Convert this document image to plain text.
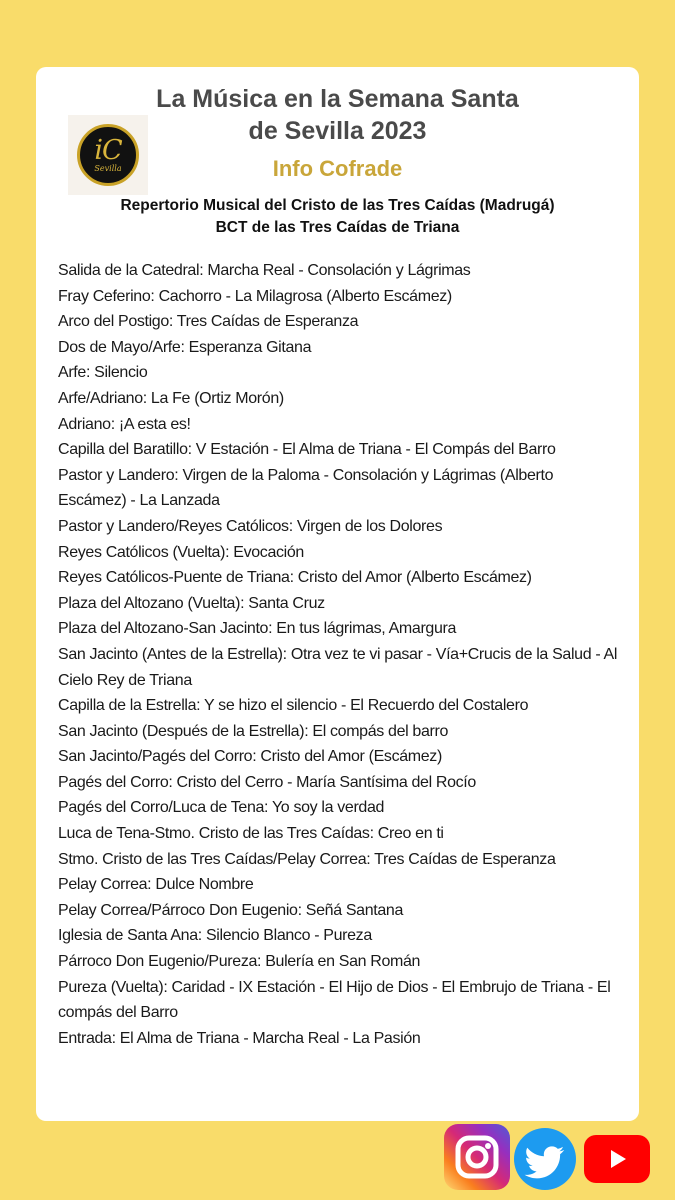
iC
Sevilla
La Música en la Semana Santa
de Sevilla 2023
Info Cofrade
Repertorio Musical del Cristo de las Tres Caídas (Madrugá)
BCT de las Tres Caídas de Triana
Salida de la Catedral: Marcha Real - Consolación y Lágrimas
Fray Ceferino: Cachorro - La Milagrosa (Alberto Escámez)
Arco del Postigo: Tres Caídas de Esperanza
Dos de Mayo/Arfe: Esperanza Gitana
Arfe: Silencio
Arfe/Adriano: La Fe (Ortiz Morón)
Adriano: ¡A esta es!
Capilla del Baratillo: V Estación - El Alma de Triana - El Compás del Barro
Pastor y Landero: Virgen de la Paloma - Consolación y Lágrimas (Alberto Escámez) - La Lanzada
Pastor y Landero/Reyes Católicos: Virgen de los Dolores
Reyes Católicos (Vuelta): Evocación
Reyes Católicos-Puente de Triana: Cristo del Amor (Alberto Escámez)
Plaza del Altozano (Vuelta): Santa Cruz
Plaza del Altozano-San Jacinto: En tus lágrimas, Amargura
San Jacinto (Antes de la Estrella): Otra vez te vi pasar - Vía+Crucis de la Salud - Al Cielo Rey de Triana
Capilla de la Estrella: Y se hizo el silencio - El Recuerdo del Costalero
San Jacinto (Después de la Estrella): El compás del barro
San Jacinto/Pagés del Corro: Cristo del Amor (Escámez)
Pagés del Corro: Cristo del Cerro - María Santísima del Rocío
Pagés del Corro/Luca de Tena: Yo soy la verdad
Luca de Tena-Stmo. Cristo de las Tres Caídas: Creo en ti
Stmo. Cristo de las Tres Caídas/Pelay Correa: Tres Caídas de Esperanza
Pelay Correa: Dulce Nombre
Pelay Correa/Párroco Don Eugenio: Señá Santana
Iglesia de Santa Ana: Silencio Blanco - Pureza
Párroco Don Eugenio/Pureza: Bulería en San Román
Pureza (Vuelta): Caridad - IX Estación - El Hijo de Dios - El Embrujo de Triana - El compás del Barro
Entrada: El Alma de Triana - Marcha Real - La Pasión
